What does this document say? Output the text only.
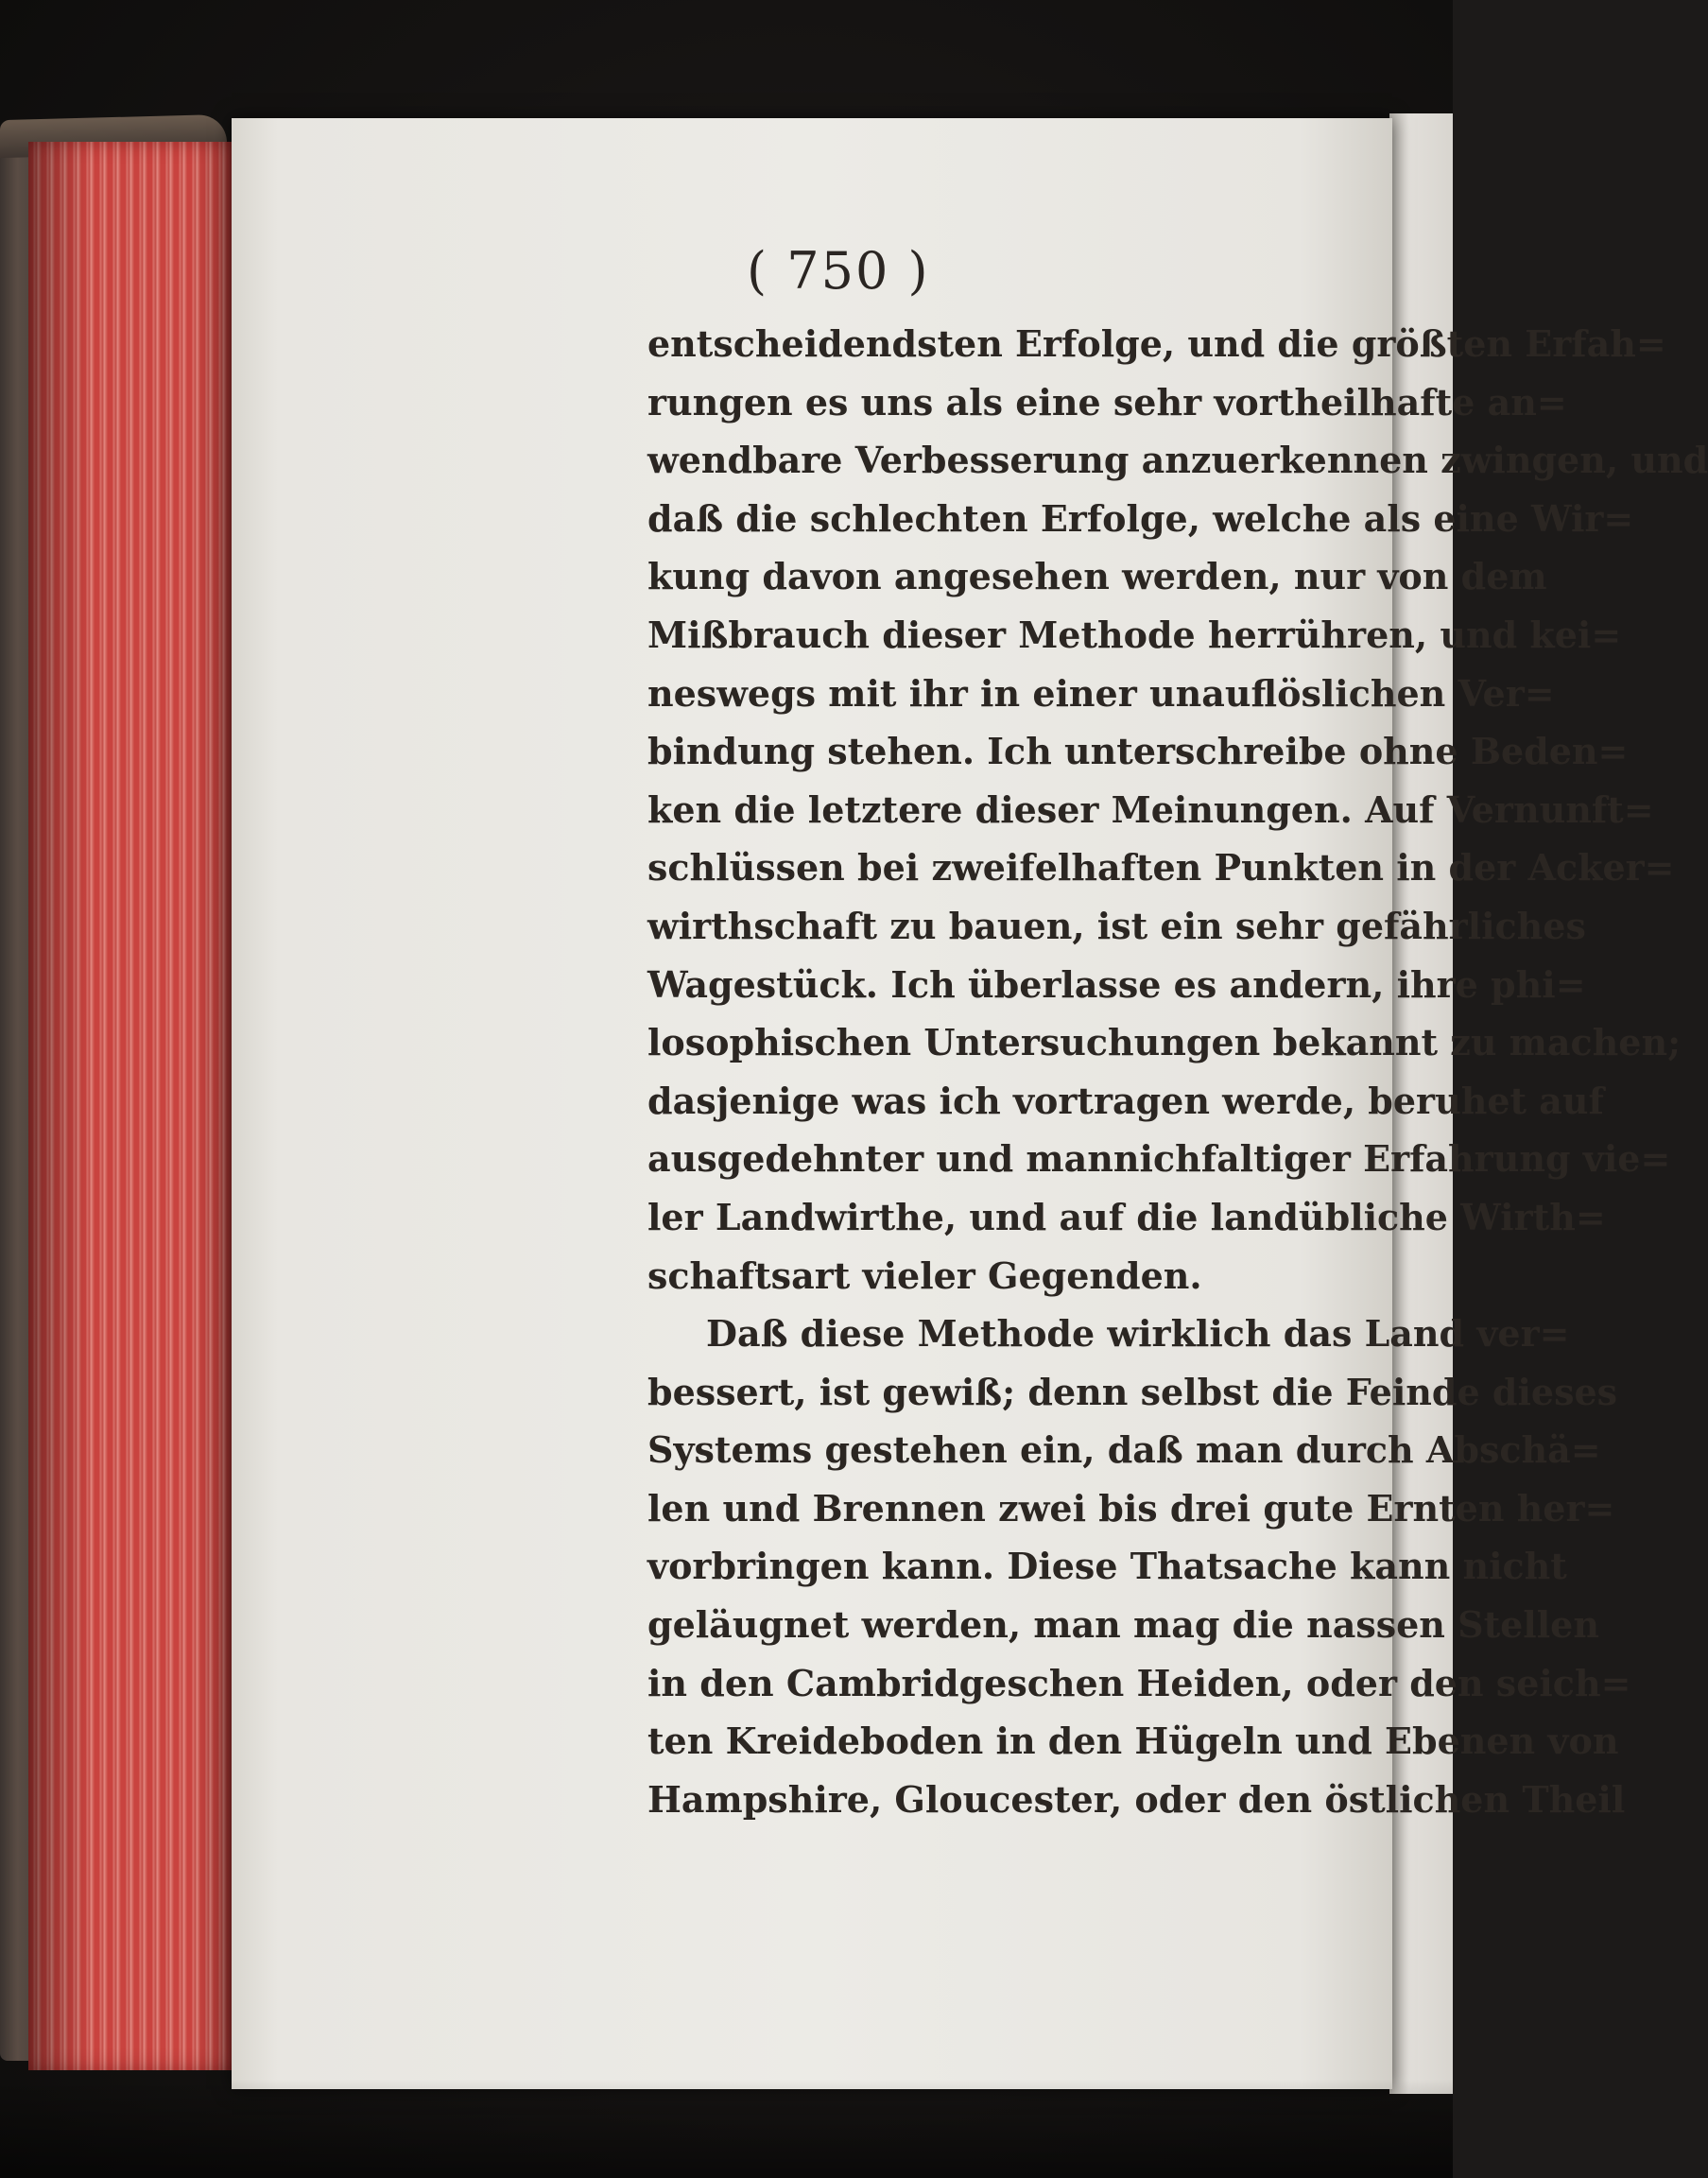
( 750 )
entscheidendsten Erfolge, und die größten Erfah=
rungen es uns als eine sehr vortheilhafte an=
wendbare Verbesserung anzuerkennen zwingen, und
daß die schlechten Erfolge, welche als eine Wir=
kung davon angesehen werden, nur von dem
Mißbrauch dieser Methode herrühren, und kei=
neswegs mit ihr in einer unauflöslichen Ver=
bindung stehen. Ich unterschreibe ohne Beden=
ken die letztere dieser Meinungen. Auf Vernunft=
schlüssen bei zweifelhaften Punkten in der Acker=
wirthschaft zu bauen, ist ein sehr gefährliches
Wagestück. Ich überlasse es andern, ihre phi=
losophischen Untersuchungen bekannt zu machen;
dasjenige was ich vortragen werde, beruhet auf
ausgedehnter und mannichfaltiger Erfahrung vie=
ler Landwirthe, und auf die landübliche Wirth=
schaftsart vieler Gegenden.
Daß diese Methode wirklich das Land ver=
bessert, ist gewiß; denn selbst die Feinde dieses
Systems gestehen ein, daß man durch Abschä=
len und Brennen zwei bis drei gute Ernten her=
vorbringen kann. Diese Thatsache kann nicht
geläugnet werden, man mag die nassen Stellen
in den Cambridgeschen Heiden, oder den seich=
ten Kreideboden in den Hügeln und Ebenen von
Hampshire, Gloucester, oder den östlichen Theil
